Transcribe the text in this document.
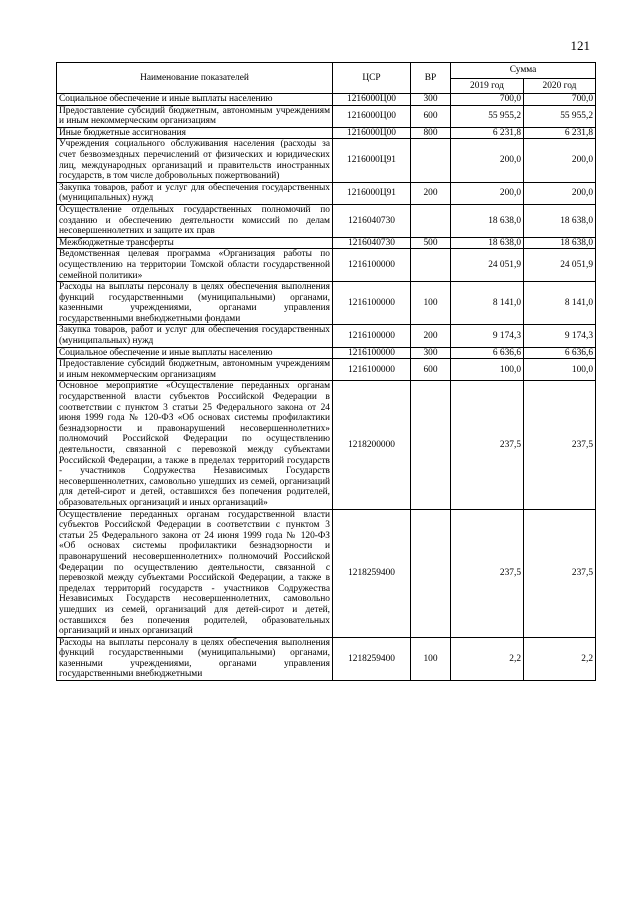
121
Наименование показателей	ЦСР	ВР	Сумма	
			2019 год	2020 год
Социальное обеспечение и иные выплаты населению	1216000Ц00	300	700,0	700,0
Предоставление субсидий бюджетным, автономным учреждениям и иным некоммерческим организациям	1216000Ц00	600	55 955,2	55 955,2
Иные бюджетные ассигнования	1216000Ц00	800	6 231,8	6 231,8
Учреждения социального обслуживания населения (расходы за счет безвозмездных перечислений от физических и юридических лиц, международных организаций и правительств иностранных государств, в том числе добровольных пожертвований)	1216000Ц91		200,0	200,0
Закупка товаров, работ и услуг для обеспечения государственных (муниципальных) нужд	1216000Ц91	200	200,0	200,0
Осуществление отдельных государственных полномочий по созданию и обеспечению деятельности комиссий по делам несовершеннолетних и защите их прав	1216040730		18 638,0	18 638,0
Межбюджетные трансферты	1216040730	500	18 638,0	18 638,0
Ведомственная целевая программа «Организация работы по осуществлению на территории Томской области государственной семейной политики»	1216100000		24 051,9	24 051,9
Расходы на выплаты персоналу в целях обеспечения выполнения функций государственными (муниципальными) органами, казенными учреждениями, органами управления государственными внебюджетными фондами	1216100000	100	8 141,0	8 141,0
Закупка товаров, работ и услуг для обеспечения государственных (муниципальных) нужд	1216100000	200	9 174,3	9 174,3
Социальное обеспечение и иные выплаты населению	1216100000	300	6 636,6	6 636,6
Предоставление субсидий бюджетным, автономным учреждениям и иным некоммерческим организациям	1216100000	600	100,0	100,0
Основное мероприятие «Осуществление переданных органам государственной власти субъектов Российской Федерации в соответствии с пунктом 3 статьи 25 Федерального закона от 24 июня 1999 года № 120-ФЗ «Об основах системы профилактики безнадзорности и правонарушений несовершеннолетних» полномочий Российской Федерации по осуществлению деятельности, связанной с перевозкой между субъектами Российской Федерации, а также в пределах территорий государств - участников Содружества Независимых Государств несовершеннолетних, самовольно ушедших из семей, организаций для детей-сирот и детей, оставшихся без попечения родителей, образовательных организаций и иных организаций»	1218200000		237,5	237,5
Осуществление переданных органам государственной власти субъектов Российской Федерации в соответствии с пунктом 3 статьи 25 Федерального закона от 24 июня 1999 года № 120-ФЗ «Об основах системы профилактики безнадзорности и правонарушений несовершеннолетних» полномочий Российской Федерации по осуществлению деятельности, связанной с перевозкой между субъектами Российской Федерации, а также в пределах территорий государств - участников Содружества Независимых Государств несовершеннолетних, самовольно ушедших из семей, организаций для детей-сирот и детей, оставшихся без попечения родителей, образовательных организаций и иных организаций	1218259400		237,5	237,5
Расходы на выплаты персоналу в целях обеспечения выполнения функций государственными (муниципальными) органами, казенными учреждениями, органами управления государственными внебюджетными	1218259400	100	2,2	2,2
